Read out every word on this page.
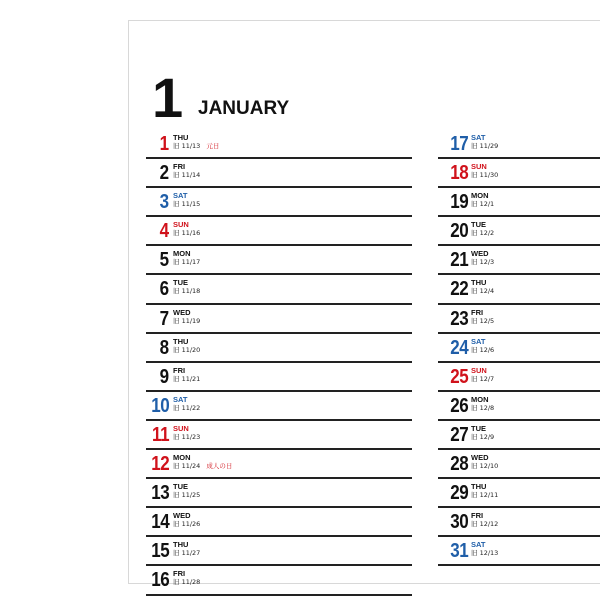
1 JANUARY
1 THU
旧 11/13 元日
2 FRI
旧 11/14
3 SAT
旧 11/15
4 SUN
旧 11/16
5 MON
旧 11/17
6 TUE
旧 11/18
7 WED
旧 11/19
8 THU
旧 11/20
9 FRI
旧 11/21
10 SAT
旧 11/22
11 SUN
旧 11/23
12 MON
旧 11/24 成人の日
13 TUE
旧 11/25
14 WED
旧 11/26
15 THU
旧 11/27
16 FRI
旧 11/28
17 SAT
旧 11/29
18 SUN
旧 11/30
19 MON
旧 12/1
20 TUE
旧 12/2
21 WED
旧 12/3
22 THU
旧 12/4
23 FRI
旧 12/5
24 SAT
旧 12/6
25 SUN
旧 12/7
26 MON
旧 12/8
27 TUE
旧 12/9
28 WED
旧 12/10
29 THU
旧 12/11
30 FRI
旧 12/12
31 SAT
旧 12/13
